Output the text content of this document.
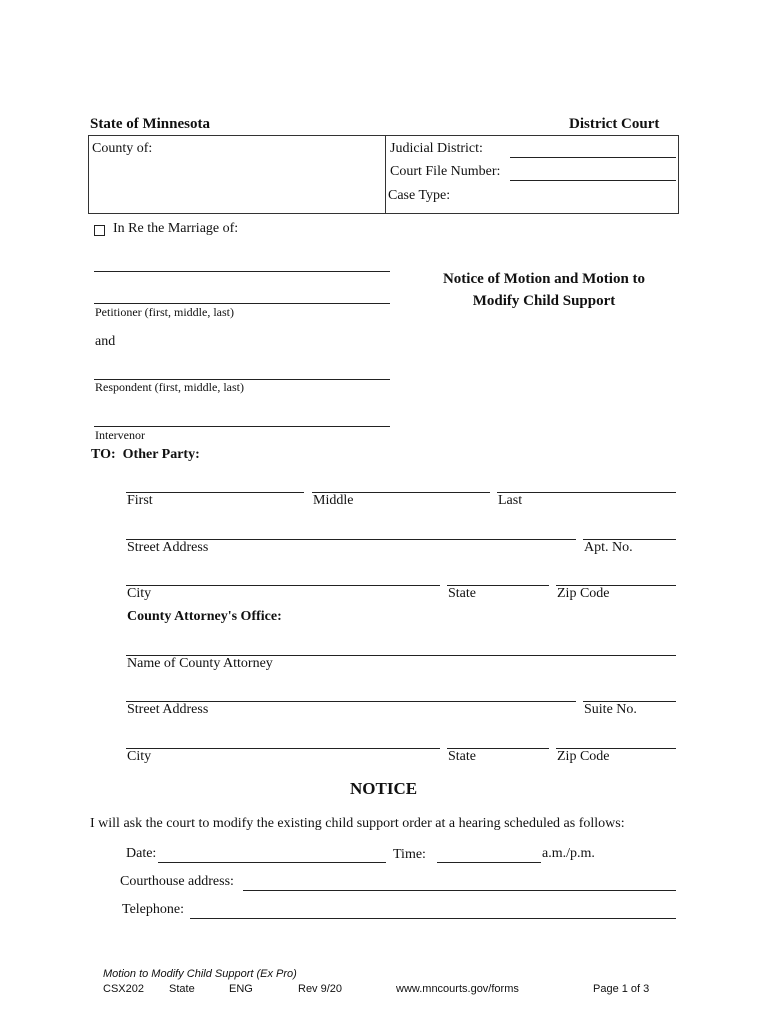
State of Minnesota	District Court
County of:	Judicial District:
Court File Number:
Case Type:
In Re the Marriage of:
Petitioner (first, middle, last)
and
Respondent (first, middle, last)
Intervenor
Notice of Motion and Motion to
Modify Child Support
TO:  Other Party:
First	Middle	Last
Street Address	Apt. No.
City	State	Zip Code
County Attorney's Office:
Name of County Attorney
Street Address	Suite No.
City	State	Zip Code
NOTICE
I will ask the court to modify the existing child support order at a hearing scheduled as follows:
Date:	Time:	a.m./p.m.
Courthouse address:
Telephone:
Motion to Modify Child Support (Ex Pro)
CSX202 State	ENG	Rev 9/20	www.mncourts.gov/forms	Page 1 of 3
